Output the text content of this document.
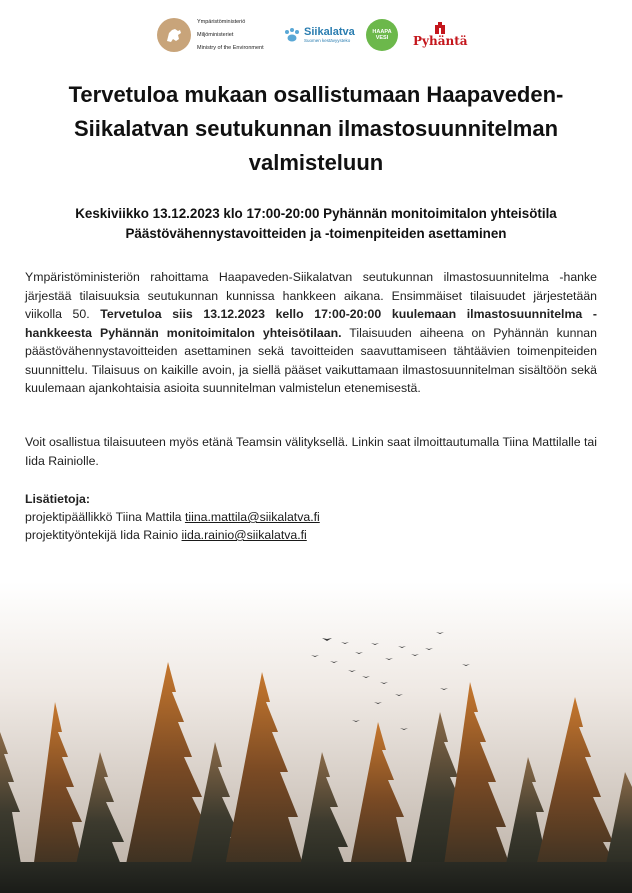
Ympäristöministeriö

Miljöministeriet

Ministry of the Environment

Siikalatva
Suomen kestävyysteko
HAAPA
VESI Pyhäntä
Tervetuloa mukaan osallistumaan Haapaveden-Siikalatvan seutukunnan ilmastosuunnitelman valmisteluun
Keskiviikko 13.12.2023 klo 17:00-20:00 Pyhännän monitoimitalon yhteisötila
Päästövähennystavoitteiden ja -toimenpiteiden asettaminen

Ympäristöministeriön rahoittama Haapaveden-Siikalatvan seutukunnan ilmastosuunnitelma -hanke järjestää tilaisuuksia seutukunnan kunnissa hankkeen aikana. Ensimmäiset tilaisuudet järjestetään viikolla 50. Tervetuloa siis 13.12.2023 kello 17:00-20:00 kuulemaan ilmastosuunnitelma -hankkeesta Pyhännän monitoimitalon yhteisötilaan. Tilaisuuden aiheena on Pyhännän kunnan päästövähennystavoitteiden asettaminen sekä tavoitteiden saavuttamiseen tähtäävien toimenpiteiden suunnittelu. Tilaisuus on kaikille avoin, ja siellä pääset vaikuttamaan ilmastosuunnitelman sisältöön sekä kuulemaan ajankohtaisia asioita suunnitelman valmistelun etenemisestä.

Voit osallistua tilaisuuteen myös etänä Teamsin välityksellä. Linkin saat ilmoittautumalla Tiina Mattilalle tai Iida Rainiolle.

Lisätietoja:
projektipäällikkö Tiina Mattila tiina.mattila@siikalatva.fi
projektityöntekijä Iida Rainio iida.rainio@siikalatva.fi
